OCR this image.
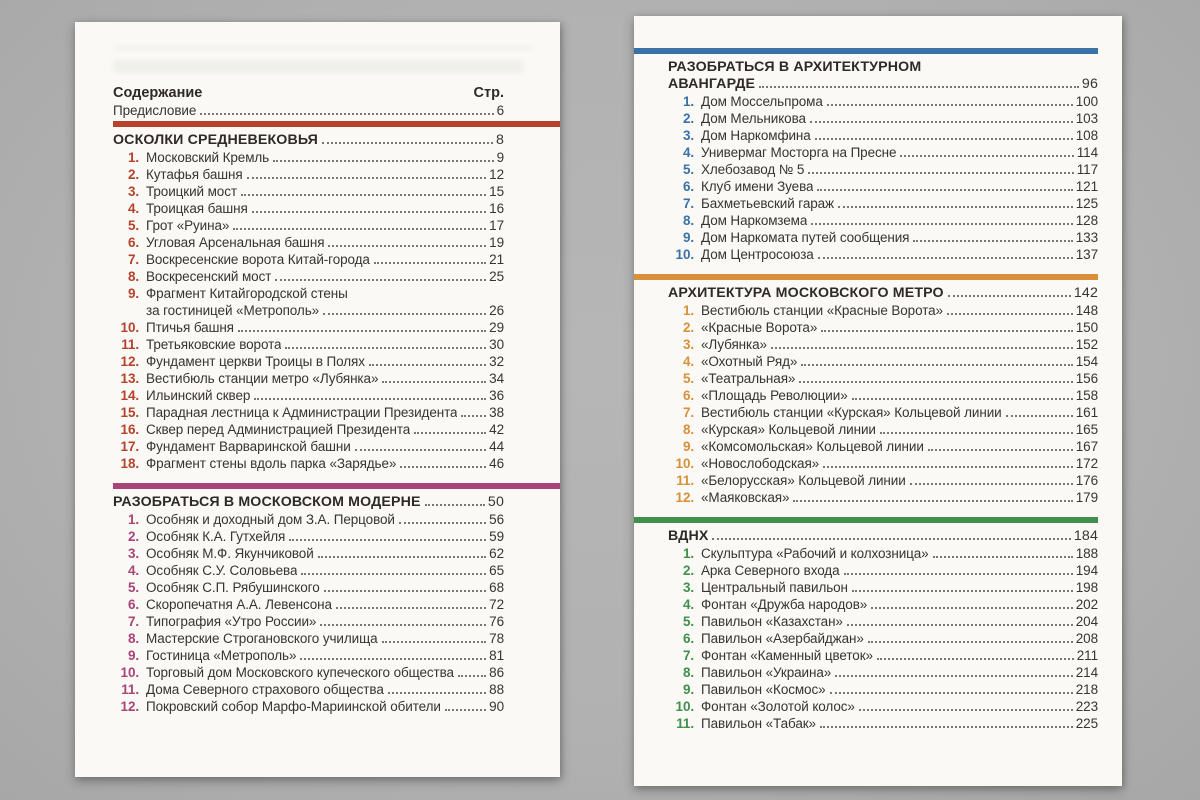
Содержание	Стр.
Предисловие	6
ОСКОЛКИ СРЕДНЕВЕКОВЬЯ	8
1. Московский Кремль	9
2. Кутафья башня	12
3. Троицкий мост	15
4. Троицкая башня	16
5. Грот «Руина»	17
6. Угловая Арсенальная башня	19
7. Воскресенские ворота Китай-города	21
8. Воскресенский мост	25
9. Фрагмент Китайгородской стены
за гостиницей «Метрополь»	26
10. Птичья башня	29
11. Третьяковские ворота	30
12. Фундамент церкви Троицы в Полях	32
13. Вестибюль станции метро «Лубянка»	34
14. Ильинский сквер	36
15. Парадная лестница к Администрации Президента 38
16. Сквер перед Администрацией Президента	42
17. Фундамент Варваринской башни	44
18. Фрагмент стены вдоль парка «Зарядье»	46
РАЗОБРАТЬСЯ В МОСКОВСКОМ МОДЕРНЕ	50
1. Особняк и доходный дом З.А. Перцовой	56
2. Особняк К.А. Гутхейля	59
3. Особняк М.Ф. Якунчиковой	62
4. Особняк С.У. Соловьева	65
5. Особняк С.П. Рябушинского	68
6. Скоропечатня А.А. Левенсона	72
7. Типография «Утро России»	76
8. Мастерские Строгановского училища	78
9. Гостиница «Метрополь»	81
10. Торговый дом Московского купеческого общества	86
11. Дома Северного страхового общества	88
12. Покровский собор Марфо-Мариинской обители	90
РАЗОБРАТЬСЯ В АРХИТЕКТУРНОМ
АВАНГАРДЕ	96
1. Дом Моссельпрома	100
2. Дом Мельникова	103
3. Дом Наркомфина	108
4. Универмаг Мосторга на Пресне	114
5. Хлебозавод № 5	117
6. Клуб имени Зуева	121
7. Бахметьевский гараж	125
8. Дом Наркомзема	128
9. Дом Наркомата путей сообщения	133
10. Дом Центросоюза	137
АРХИТЕКТУРА МОСКОВСКОГО МЕТРО	142
1. Вестибюль станции «Красные Ворота»	148
2. «Красные Ворота»	150
3. «Лубянка»	152
4. «Охотный Ряд»	154
5. «Театральная»	156
6. «Площадь Революции»	158
7. Вестибюль станции «Курская» Кольцевой линии	161
8. «Курская» Кольцевой линии	165
9. «Комсомольская» Кольцевой линии	167
10. «Новослободская»	172
11. «Белорусская» Кольцевой линии	176
12. «Маяковская»	179
ВДНХ	184
1. Скульптура «Рабочий и колхозница»	188
2. Арка Северного входа	194
3. Центральный павильон	198
4. Фонтан «Дружба народов»	202
5. Павильон «Казахстан»	204
6. Павильон «Азербайджан»	208
7. Фонтан «Каменный цветок»	211
8. Павильон «Украина»	214
9. Павильон «Космос»	218
10. Фонтан «Золотой колос»	223
11. Павильон «Табак»	225
